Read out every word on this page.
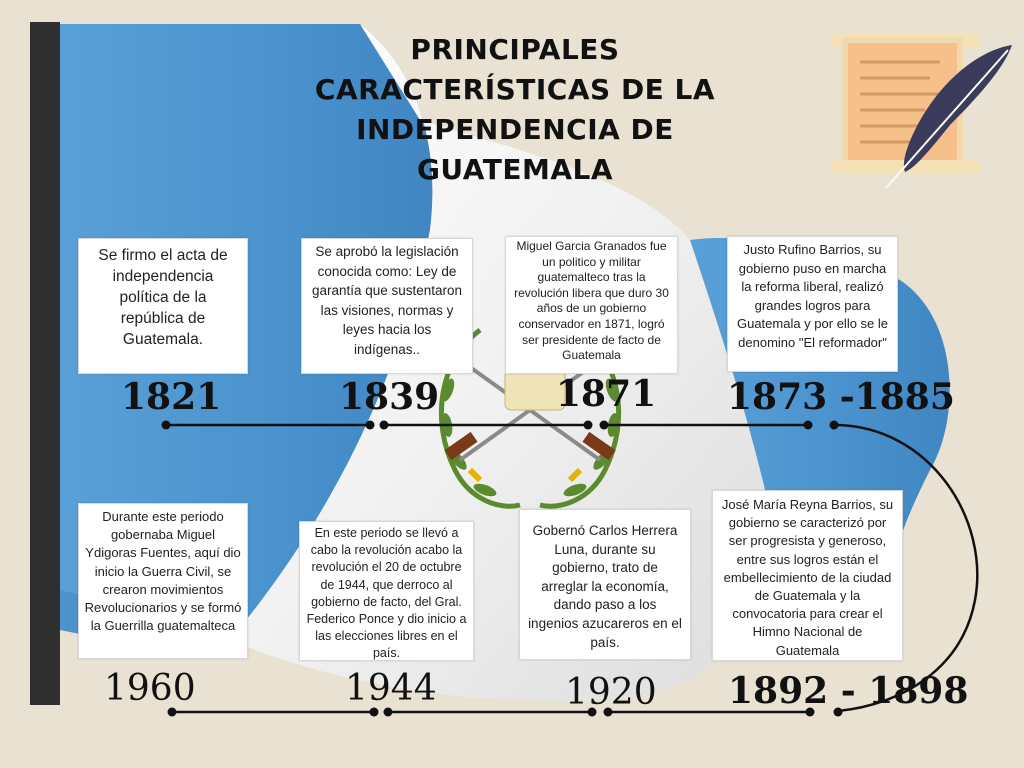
PRINCIPALES
CARACTERÍSTICAS DE LA
INDEPENDENCIA DE
GUATEMALA
Se firmo el acta de independencia política de la república de Guatemala.
Se aprobó la legislación conocida como: Ley de garantía que sustentaron las visiones, normas y leyes hacia los indígenas..
Miguel Garcia Granados fue un politico y militar guatemalteco tras la revolución libera que duro 30 años de un gobierno conservador en 1871, logró ser presidente de facto de Guatemala
Justo Rufino Barrios, su gobierno puso en marcha la reforma liberal, realizó grandes logros para Guatemala y por ello se le denomino "El reformador"
1821	1839	1871 1873 -1885
Durante este periodo gobernaba Miguel Ydigoras Fuentes, aquí dio inicio la Guerra Civil, se crearon movimientos Revolucionarios y se formó la Guerrilla guatemalteca
En este periodo se llevó a cabo la revolución acabo la revolución el 20 de octubre de 1944, que derroco al gobierno de facto, del Gral. Federico Ponce y dio inicio a las elecciones libres en el país.
Gobernó Carlos Herrera Luna, durante su gobierno, trato de arreglar la economía, dando paso a los ingenios azucareros en el país.
José María Reyna Barrios, su gobierno se caracterizó por ser progresista y generoso, entre sus logros están el embellecimiento de la ciudad de Guatemala y la convocatoria para crear el Himno Nacional de Guatemala
1960	1944	1920 1892 - 1898
